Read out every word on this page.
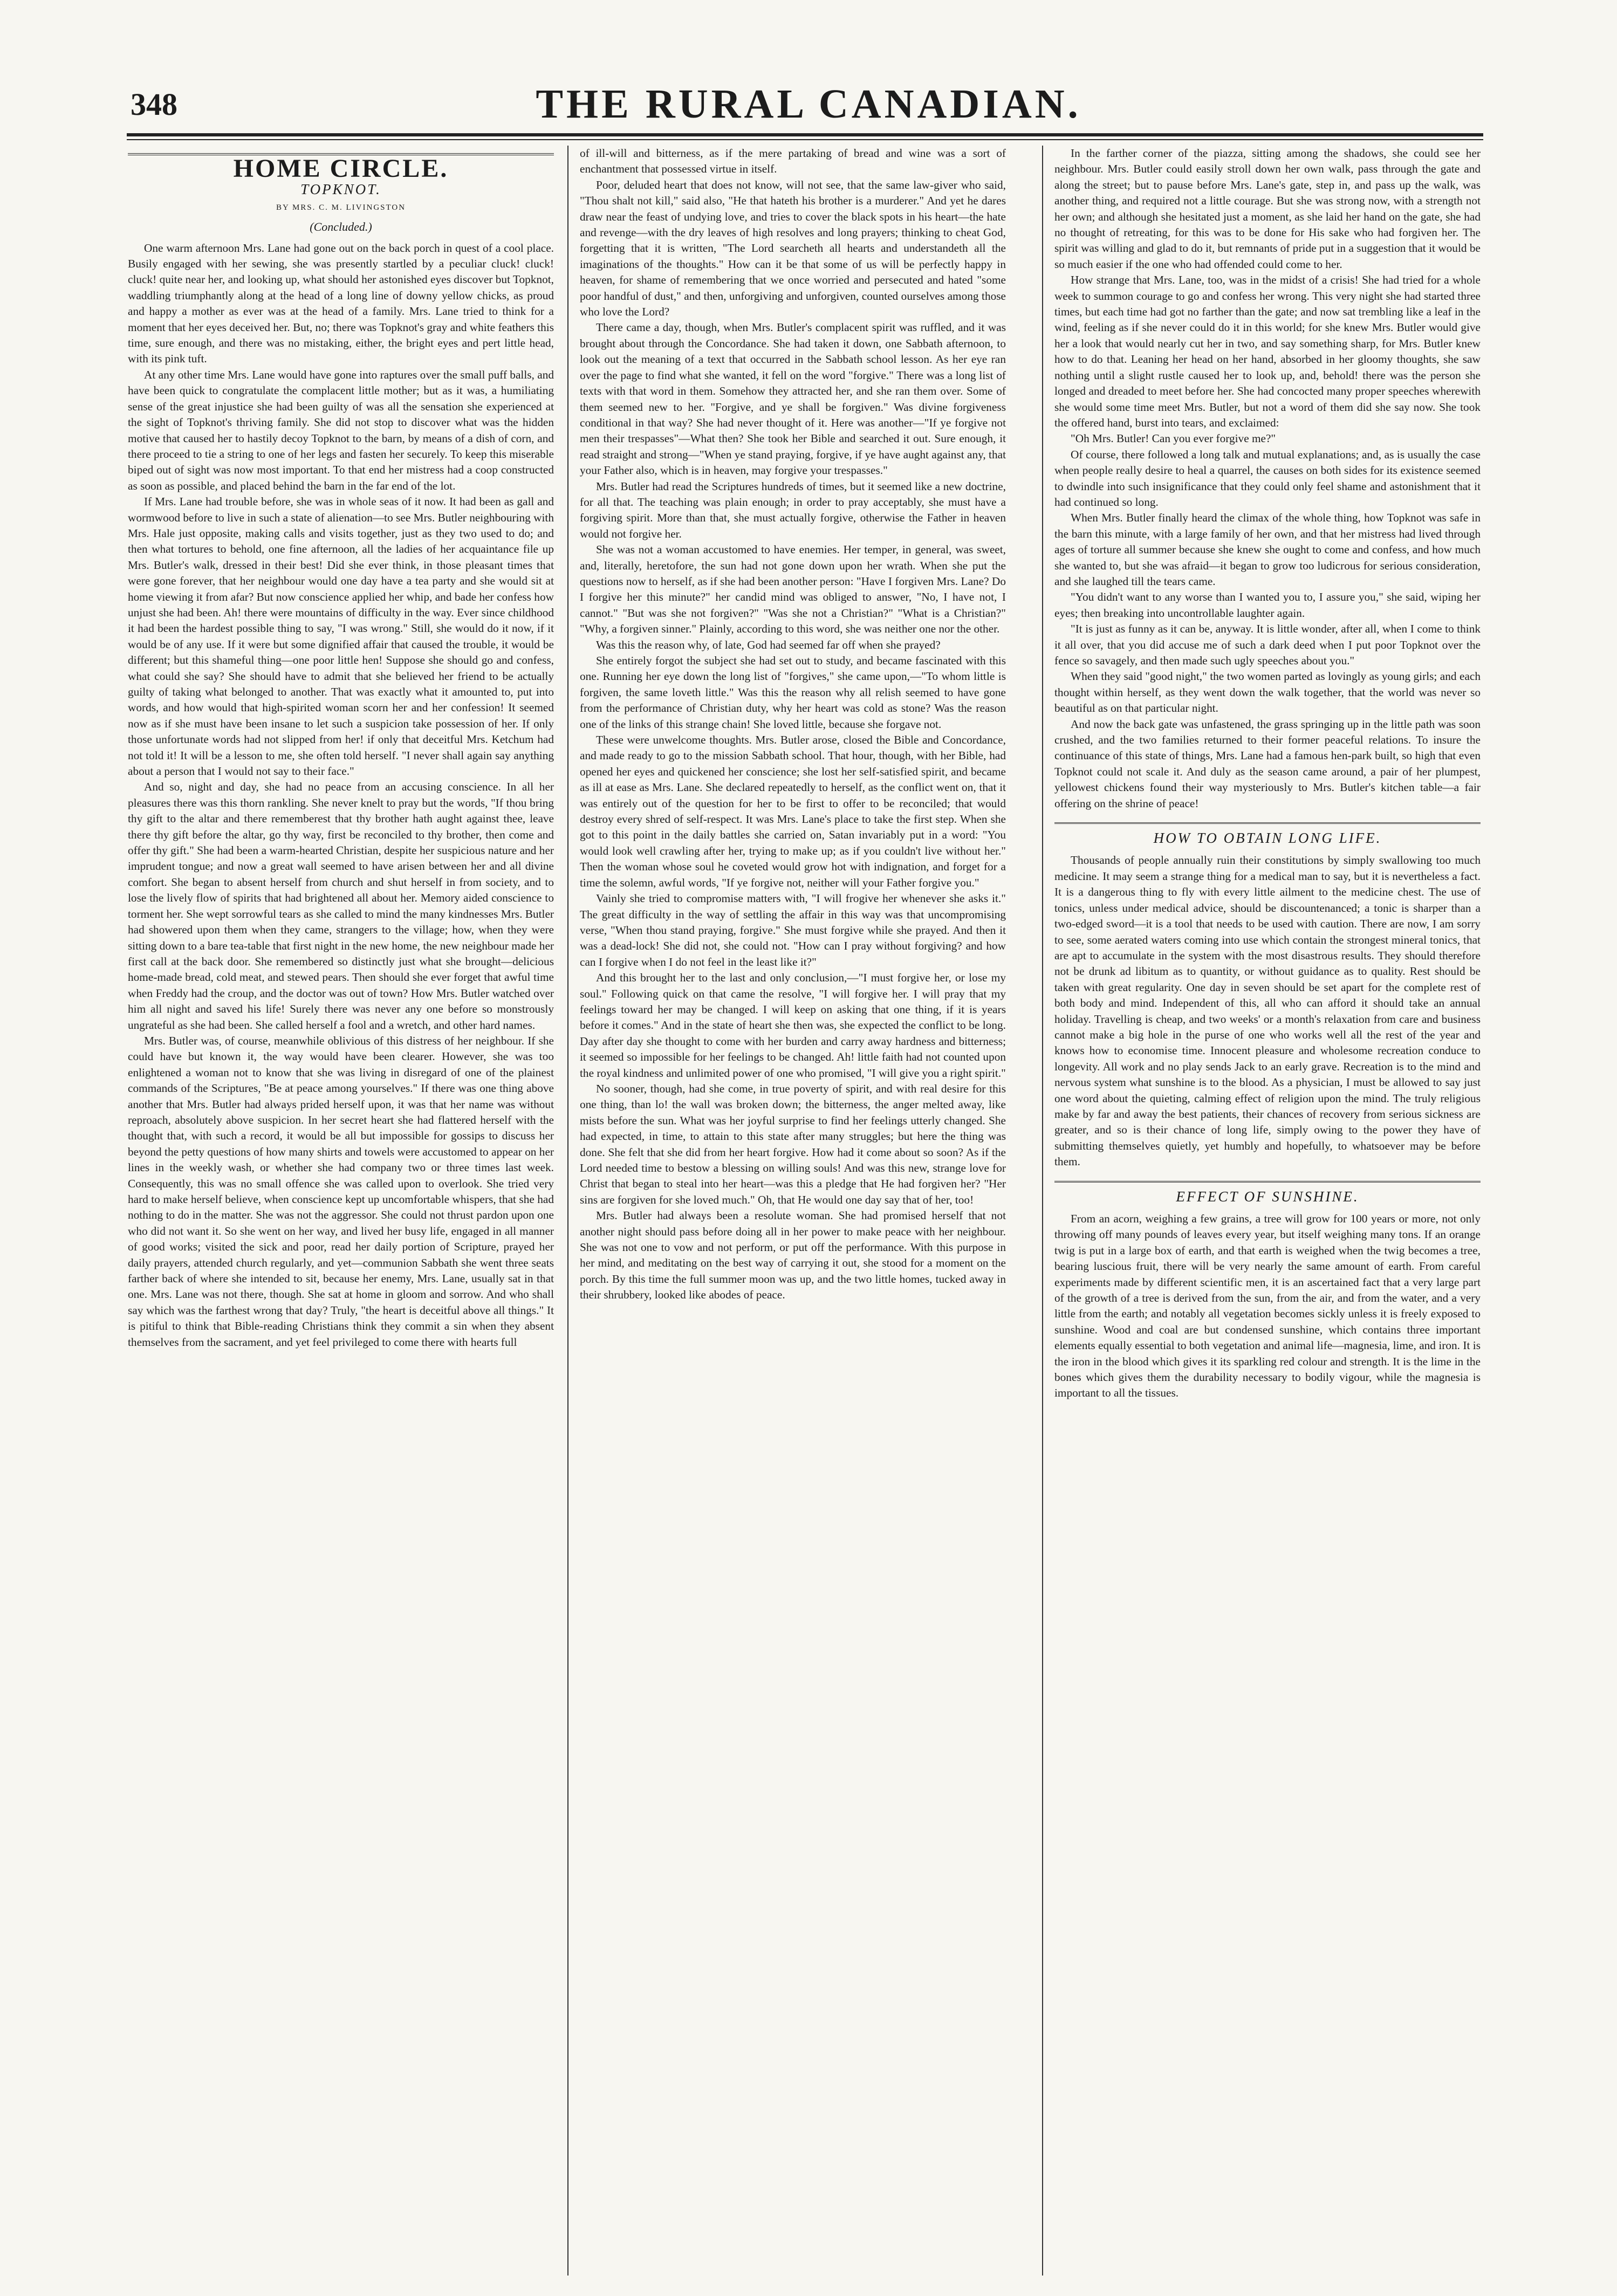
348	THE RURAL CANADIAN.
HOME CIRCLE.
TOPKNOT.
BY MRS. C. M. LIVINGSTON
(Concluded.)

One warm afternoon Mrs. Lane had gone out on the back porch in quest of a cool place. Busily engaged with her sewing, she was presently startled by a peculiar cluck! cluck! cluck! quite near her, and looking up, what should her astonished eyes discover but Topknot, waddling triumphantly along at the head of a long line of downy yellow chicks, as proud and happy a mother as ever was at the head of a family. Mrs. Lane tried to think for a moment that her eyes deceived her. But, no; there was Topknot's gray and white feathers this time, sure enough, and there was no mistaking, either, the bright eyes and pert little head, with its pink tuft.

At any other time Mrs. Lane would have gone into raptures over the small puff balls, and have been quick to congratulate the complacent little mother; but as it was, a humiliating sense of the great injustice she had been guilty of was all the sensation she experienced at the sight of Topknot's thriving family. She did not stop to discover what was the hidden motive that caused her to hastily decoy Topknot to the barn, by means of a dish of corn, and there proceed to tie a string to one of her legs and fasten her securely. To keep this miserable biped out of sight was now most important. To that end her mistress had a coop constructed as soon as possible, and placed behind the barn in the far end of the lot.

If Mrs. Lane had trouble before, she was in whole seas of it now. It had been as gall and wormwood before to live in such a state of alienation—to see Mrs. Butler neighbouring with Mrs. Hale just opposite, making calls and visits together, just as they two used to do; and then what tortures to behold, one fine afternoon, all the ladies of her acquaintance file up Mrs. Butler's walk, dressed in their best! Did she ever think, in those pleasant times that were gone forever, that her neighbour would one day have a tea party and she would sit at home viewing it from afar? But now conscience applied her whip, and bade her confess how unjust she had been. Ah! there were mountains of difficulty in the way. Ever since childhood it had been the hardest possible thing to say, "I was wrong." Still, she would do it now, if it would be of any use. If it were but some dignified affair that caused the trouble, it would be different; but this shameful thing—one poor little hen! Suppose she should go and confess, what could she say? She should have to admit that she believed her friend to be actually guilty of taking what belonged to another. That was exactly what it amounted to, put into words, and how would that high-spirited woman scorn her and her confession! It seemed now as if she must have been insane to let such a suspicion take possession of her. If only those unfortunate words had not slipped from her! if only that deceitful Mrs. Ketchum had not told it! It will be a lesson to me, she often told herself. "I never shall again say anything about a person that I would not say to their face."

And so, night and day, she had no peace from an accusing conscience. In all her pleasures there was this thorn rankling. She never knelt to pray but the words, "If thou bring thy gift to the altar and there rememberest that thy brother hath aught against thee, leave there thy gift before the altar, go thy way, first be reconciled to thy brother, then come and offer thy gift." She had been a warm-hearted Christian, despite her suspicious nature and her imprudent tongue; and now a great wall seemed to have arisen between her and all divine comfort. She began to absent herself from church and shut herself in from society, and to lose the lively flow of spirits that had brightened all about her. Memory aided conscience to torment her. She wept sorrowful tears as she called to mind the many kindnesses Mrs. Butler had showered upon them when they came, strangers to the village; how, when they were sitting down to a bare tea-table that first night in the new home, the new neighbour made her first call at the back door. She remembered so distinctly just what she brought—delicious home-made bread, cold meat, and stewed pears. Then should she ever forget that awful time when Freddy had the croup, and the doctor was out of town? How Mrs. Butler watched over him all night and saved his life! Surely there was never any one before so monstrously ungrateful as she had been. She called herself a fool and a wretch, and other hard names.

Mrs. Butler was, of course, meanwhile oblivious of this distress of her neighbour. If she could have but known it, the way would have been clearer. However, she was too enlightened a woman not to know that she was living in disregard of one of the plainest commands of the Scriptures, "Be at peace among yourselves." If there was one thing above another that Mrs. Butler had always prided herself upon, it was that her name was without reproach, absolutely above suspicion. In her secret heart she had flattered herself with the thought that, with such a record, it would be all but impossible for gossips to discuss her beyond the petty questions of how many shirts and towels were accustomed to appear on her lines in the weekly wash, or whether she had company two or three times last week. Consequently, this was no small offence she was called upon to overlook. She tried very hard to make herself believe, when conscience kept up uncomfortable whispers, that she had nothing to do in the matter. She was not the aggressor. She could not thrust pardon upon one who did not want it. So she went on her way, and lived her busy life, engaged in all manner of good works; visited the sick and poor, read her daily portion of Scripture, prayed her daily prayers, attended church regularly, and yet—communion Sabbath she went three seats farther back of where she intended to sit, because her enemy, Mrs. Lane, usually sat in that one. Mrs. Lane was not there, though. She sat at home in gloom and sorrow. And who shall say which was the farthest wrong that day? Truly, "the heart is deceitful above all things." It is pitiful to think that Bible-reading Christians think they commit a sin when they absent themselves from the sacrament, and yet feel privileged to come there with hearts full

of ill-will and bitterness, as if the mere partaking of bread and wine was a sort of enchantment that possessed virtue in itself.

Poor, deluded heart that does not know, will not see, that the same law-giver who said, "Thou shalt not kill," said also, "He that hateth his brother is a murderer." And yet he dares draw near the feast of undying love, and tries to cover the black spots in his heart—the hate and revenge—with the dry leaves of high resolves and long prayers; thinking to cheat God, forgetting that it is written, "The Lord searcheth all hearts and understandeth all the imaginations of the thoughts." How can it be that some of us will be perfectly happy in heaven, for shame of remembering that we once worried and persecuted and hated "some poor handful of dust," and then, unforgiving and unforgiven, counted ourselves among those who love the Lord?

There came a day, though, when Mrs. Butler's complacent spirit was ruffled, and it was brought about through the Concordance. She had taken it down, one Sabbath afternoon, to look out the meaning of a text that occurred in the Sabbath school lesson. As her eye ran over the page to find what she wanted, it fell on the word "forgive." There was a long list of texts with that word in them. Somehow they attracted her, and she ran them over. Some of them seemed new to her. "Forgive, and ye shall be forgiven." Was divine forgiveness conditional in that way? She had never thought of it. Here was another—"If ye forgive not men their trespasses"—What then? She took her Bible and searched it out. Sure enough, it read straight and strong—"When ye stand praying, forgive, if ye have aught against any, that your Father also, which is in heaven, may forgive your trespasses."

Mrs. Butler had read the Scriptures hundreds of times, but it seemed like a new doctrine, for all that. The teaching was plain enough; in order to pray acceptably, she must have a forgiving spirit. More than that, she must actually forgive, otherwise the Father in heaven would not forgive her.

She was not a woman accustomed to have enemies. Her temper, in general, was sweet, and, literally, heretofore, the sun had not gone down upon her wrath. When she put the questions now to herself, as if she had been another person: "Have I forgiven Mrs. Lane? Do I forgive her this minute?" her candid mind was obliged to answer, "No, I have not, I cannot." "But was she not forgiven?" "Was she not a Christian?" "What is a Christian?" "Why, a forgiven sinner." Plainly, according to this word, she was neither one nor the other.

Was this the reason why, of late, God had seemed far off when she prayed?

She entirely forgot the subject she had set out to study, and became fascinated with this one. Running her eye down the long list of "forgives," she came upon,—"To whom little is forgiven, the same loveth little." Was this the reason why all relish seemed to have gone from the performance of Christian duty, why her heart was cold as stone? Was the reason one of the links of this strange chain! She loved little, because she forgave not.

These were unwelcome thoughts. Mrs. Butler arose, closed the Bible and Concordance, and made ready to go to the mission Sabbath school. That hour, though, with her Bible, had opened her eyes and quickened her conscience; she lost her self-satisfied spirit, and became as ill at ease as Mrs. Lane. She declared repeatedly to herself, as the conflict went on, that it was entirely out of the question for her to be first to offer to be reconciled; that would destroy every shred of self-respect. It was Mrs. Lane's place to take the first step. When she got to this point in the daily battles she carried on, Satan invariably put in a word: "You would look well crawling after her, trying to make up; as if you couldn't live without her." Then the woman whose soul he coveted would grow hot with indignation, and forget for a time the solemn, awful words, "If ye forgive not, neither will your Father forgive you."

Vainly she tried to compromise matters with, "I will frogive her whenever she asks it." The great difficulty in the way of settling the affair in this way was that uncompromising verse, "When thou stand praying, forgive." She must forgive while she prayed. And then it was a dead-lock! She did not, she could not. "How can I pray without forgiving? and how can I forgive when I do not feel in the least like it?"

And this brought her to the last and only conclusion,—"I must forgive her, or lose my soul." Following quick on that came the resolve, "I will forgive her. I will pray that my feelings toward her may be changed. I will keep on asking that one thing, if it is years before it comes." And in the state of heart she then was, she expected the conflict to be long. Day after day she thought to come with her burden and carry away hardness and bitterness; it seemed so impossible for her feelings to be changed. Ah! little faith had not counted upon the royal kindness and unlimited power of one who promised, "I will give you a right spirit."

No sooner, though, had she come, in true poverty of spirit, and with real desire for this one thing, than lo! the wall was broken down; the bitterness, the anger melted away, like mists before the sun. What was her joyful surprise to find her feelings utterly changed. She had expected, in time, to attain to this state after many struggles; but here the thing was done. She felt that she did from her heart forgive. How had it come about so soon? As if the Lord needed time to bestow a blessing on willing souls! And was this new, strange love for Christ that began to steal into her heart—was this a pledge that He had forgiven her? "Her sins are forgiven for she loved much." Oh, that He would one day say that of her, too!

Mrs. Butler had always been a resolute woman. She had promised herself that not another night should pass before doing all in her power to make peace with her neighbour. She was not one to vow and not perform, or put off the performance. With this purpose in her mind, and meditating on the best way of carrying it out, she stood for a moment on the porch. By this time the full summer moon was up, and the two little homes, tucked away in their shrubbery, looked like abodes of peace.

In the farther corner of the piazza, sitting among the shadows, she could see her neighbour. Mrs. Butler could easily stroll down her own walk, pass through the gate and along the street; but to pause before Mrs. Lane's gate, step in, and pass up the walk, was another thing, and required not a little courage. But she was strong now, with a strength not her own; and although she hesitated just a moment, as she laid her hand on the gate, she had no thought of retreating, for this was to be done for His sake who had forgiven her. The spirit was willing and glad to do it, but remnants of pride put in a suggestion that it would be so much easier if the one who had offended could come to her.

How strange that Mrs. Lane, too, was in the midst of a crisis! She had tried for a whole week to summon courage to go and confess her wrong. This very night she had started three times, but each time had got no farther than the gate; and now sat trembling like a leaf in the wind, feeling as if she never could do it in this world; for she knew Mrs. Butler would give her a look that would nearly cut her in two, and say something sharp, for Mrs. Butler knew how to do that. Leaning her head on her hand, absorbed in her gloomy thoughts, she saw nothing until a slight rustle caused her to look up, and, behold! there was the person she longed and dreaded to meet before her. She had concocted many proper speeches wherewith she would some time meet Mrs. Butler, but not a word of them did she say now. She took the offered hand, burst into tears, and exclaimed:

"Oh Mrs. Butler! Can you ever forgive me?"

Of course, there followed a long talk and mutual explanations; and, as is usually the case when people really desire to heal a quarrel, the causes on both sides for its existence seemed to dwindle into such insignificance that they could only feel shame and astonishment that it had continued so long.

When Mrs. Butler finally heard the climax of the whole thing, how Topknot was safe in the barn this minute, with a large family of her own, and that her mistress had lived through ages of torture all summer because she knew she ought to come and confess, and how much she wanted to, but she was afraid—it began to grow too ludicrous for serious consideration, and she laughed till the tears came.

"You didn't want to any worse than I wanted you to, I assure you," she said, wiping her eyes; then breaking into uncontrollable laughter again.

"It is just as funny as it can be, anyway. It is little wonder, after all, when I come to think it all over, that you did accuse me of such a dark deed when I put poor Topknot over the fence so savagely, and then made such ugly speeches about you."

When they said "good night," the two women parted as lovingly as young girls; and each thought within herself, as they went down the walk together, that the world was never so beautiful as on that particular night.

And now the back gate was unfastened, the grass springing up in the little path was soon crushed, and the two families returned to their former peaceful relations. To insure the continuance of this state of things, Mrs. Lane had a famous hen-park built, so high that even Topknot could not scale it. And duly as the season came around, a pair of her plumpest, yellowest chickens found their way mysteriously to Mrs. Butler's kitchen table—a fair offering on the shrine of peace!

HOW TO OBTAIN LONG LIFE.

Thousands of people annually ruin their constitutions by simply swallowing too much medicine. It may seem a strange thing for a medical man to say, but it is nevertheless a fact. It is a dangerous thing to fly with every little ailment to the medicine chest. The use of tonics, unless under medical advice, should be discountenanced; a tonic is sharper than a two-edged sword—it is a tool that needs to be used with caution. There are now, I am sorry to see, some aerated waters coming into use which contain the strongest mineral tonics, that are apt to accumulate in the system with the most disastrous results. They should therefore not be drunk ad libitum as to quantity, or without guidance as to quality. Rest should be taken with great regularity. One day in seven should be set apart for the complete rest of both body and mind. Independent of this, all who can afford it should take an annual holiday. Travelling is cheap, and two weeks' or a month's relaxation from care and business cannot make a big hole in the purse of one who works well all the rest of the year and knows how to economise time. Innocent pleasure and wholesome recreation conduce to longevity. All work and no play sends Jack to an early grave. Recreation is to the mind and nervous system what sunshine is to the blood. As a physician, I must be allowed to say just one word about the quieting, calming effect of religion upon the mind. The truly religious make by far and away the best patients, their chances of recovery from serious sickness are greater, and so is their chance of long life, simply owing to the power they have of submitting themselves quietly, yet humbly and hopefully, to whatsoever may be before them.

EFFECT OF SUNSHINE.

From an acorn, weighing a few grains, a tree will grow for 100 years or more, not only throwing off many pounds of leaves every year, but itself weighing many tons. If an orange twig is put in a large box of earth, and that earth is weighed when the twig becomes a tree, bearing luscious fruit, there will be very nearly the same amount of earth. From careful experiments made by different scientific men, it is an ascertained fact that a very large part of the growth of a tree is derived from the sun, from the air, and from the water, and a very little from the earth; and notably all vegetation becomes sickly unless it is freely exposed to sunshine. Wood and coal are but condensed sunshine, which contains three important elements equally essential to both vegetation and animal life—magnesia, lime, and iron. It is the iron in the blood which gives it its sparkling red colour and strength. It is the lime in the bones which gives them the durability necessary to bodily vigour, while the magnesia is important to all the tissues.
